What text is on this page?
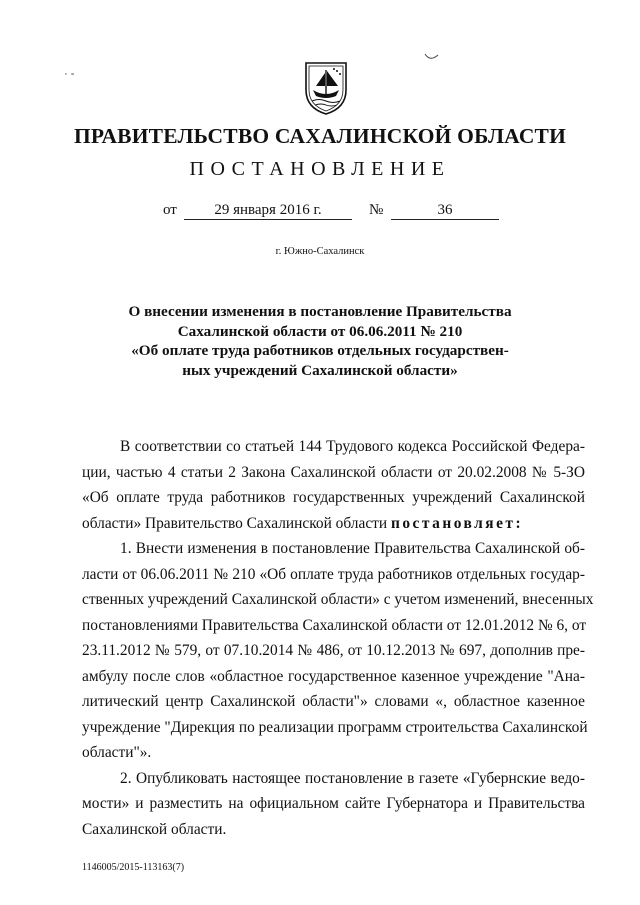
· -
ПРАВИТЕЛЬСТВО САХАЛИНСКОЙ ОБЛАСТИ
ПОСТАНОВЛЕНИЕ
от	29 января 2016 г.	№	36
г. Южно-Сахалинск
О внесении изменения в постановление Правительства
Сахалинской области от 06.06.2011 № 210
«Об оплате труда работников отдельных государствен-
ных учреждений Сахалинской области»
В соответствии со статьей 144 Трудового кодекса Российской Федера-
ции, частью 4 статьи 2 Закона Сахалинской области от 20.02.2008 № 5-ЗО
«Об оплате труда работников государственных учреждений Сахалинской
области» Правительство Сахалинской области постановляет:
1. Внести изменения в постановление Правительства Сахалинской об-
ласти от 06.06.2011 № 210 «Об оплате труда работников отдельных государ-
ственных учреждений Сахалинской области» с учетом изменений, внесенных
постановлениями Правительства Сахалинской области от 12.01.2012 № 6, от
23.11.2012 № 579, от 07.10.2014 № 486, от 10.12.2013 № 697, дополнив пре-
амбулу после слов «областное государственное казенное учреждение "Ана-
литический центр Сахалинской области"» словами «, областное казенное
учреждение "Дирекция по реализации программ строительства Сахалинской
области"».
2. Опубликовать настоящее постановление в газете «Губернские ведо-
мости» и разместить на официальном сайте Губернатора и Правительства
Сахалинской области.
1146005/2015-113163(7)
